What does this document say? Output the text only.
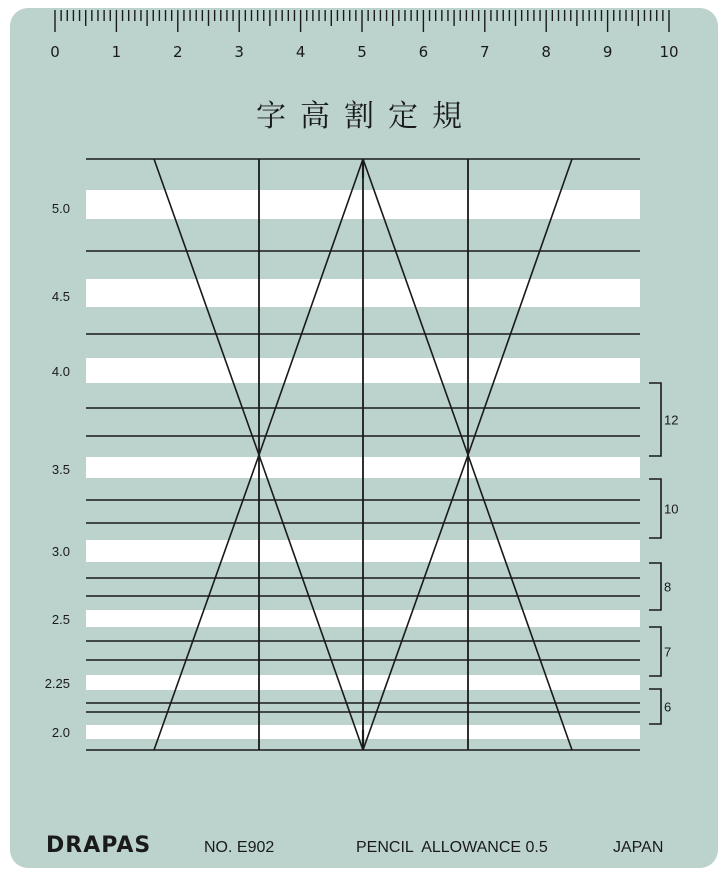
0	1	2	3	4	5	6	7	8	9	10
字高割定規
5.0
4.5
4.0
3.5
3.0
2.5
2.25
2.0
12
10
8
7
6
DRAPAS	NO. E902	PENCIL  ALLOWANCE 0.5	JAPAN
